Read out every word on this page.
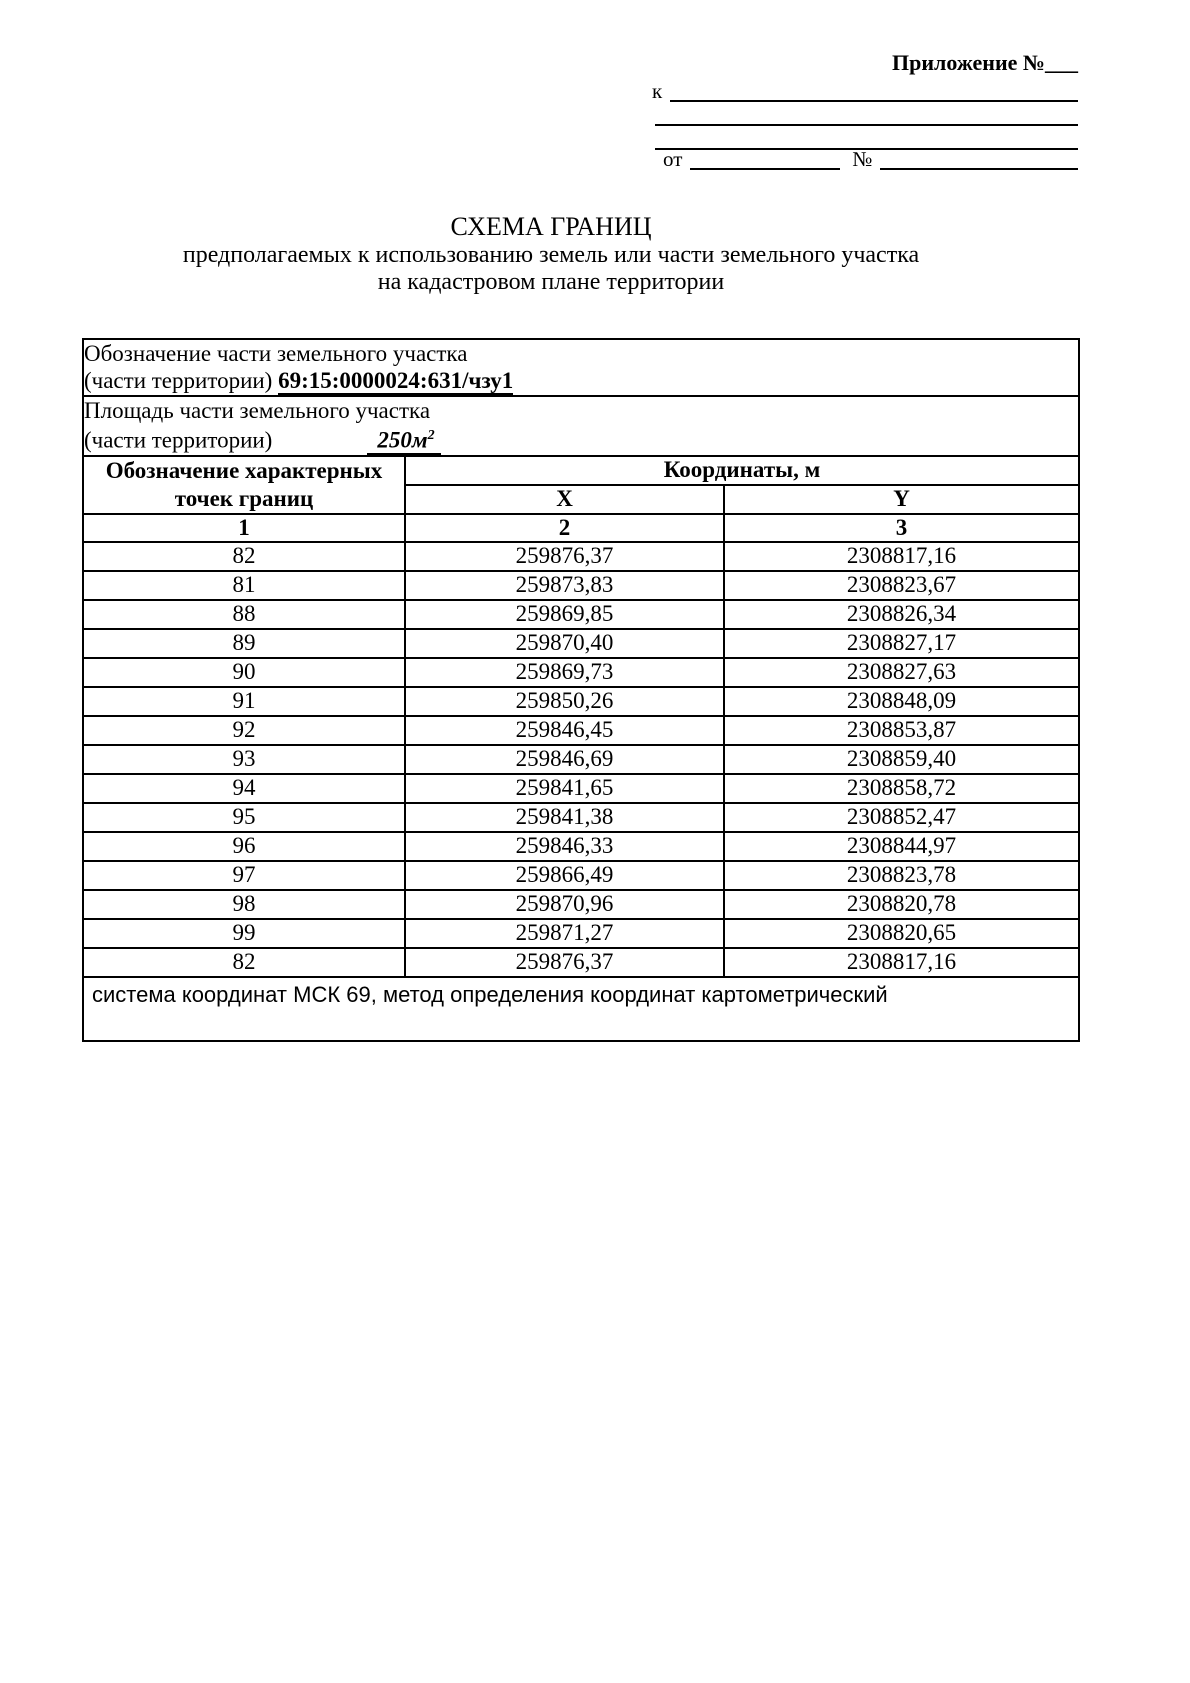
Приложение №___
к
от	№

СХЕМА ГРАНИЦ

предполагаемых к использованию земель или части земельного участка

на кадастровом плане территории

Обозначение части земельного участка
(части территории) 69:15:0000024:631/чзу1		

Площадь части земельного участка
(части территории) $250м^2$

Обозначение характерных
точек границ	Координаты, м	
	X	Y
1	2	3
82	259876,37	2308817,16
81	259873,83	2308823,67
88	259869,85	2308826,34
89	259870,40	2308827,17
90	259869,73	2308827,63
91	259850,26	2308848,09
92	259846,45	2308853,87
93	259846,69	2308859,40
94	259841,65	2308858,72
95	259841,38	2308852,47
96	259846,33	2308844,97
97	259866,49	2308823,78
98	259870,96	2308820,78
99	259871,27	2308820,65
82	259876,37	2308817,16
система координат МСК 69, метод определения координат картометрический		
